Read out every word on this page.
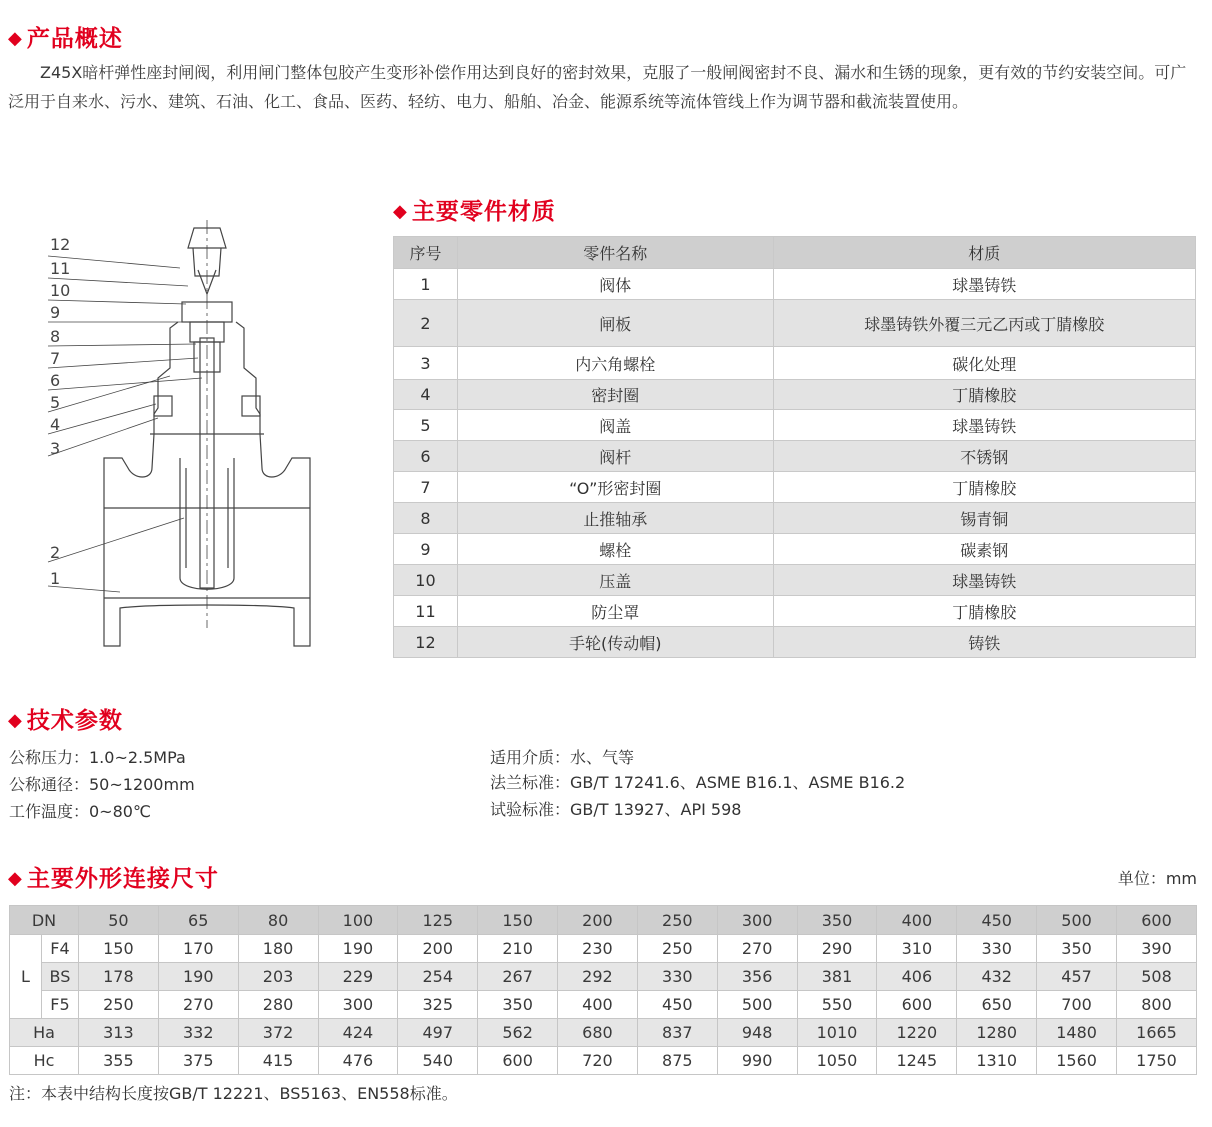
◆ 产品概述
Z45X暗杆弹性座封闸阀，利用闸门整体包胶产生变形补偿作用达到良好的密封效果，克服了一般闸阀密封不良、漏水和生锈的现象，更有效的节约安装空间。可广泛用于自来水、污水、建筑、石油、化工、食品、医药、轻纺、电力、船舶、冶金、能源系统等流体管线上作为调节器和截流装置使用。
12
11
10
9
8
7
6
5
4
3
2
1
◆ 主要零件材质
序号	零件名称	材质
1	阀体	球墨铸铁
2	闸板	球墨铸铁外覆三元乙丙或丁腈橡胶
3	内六角螺栓	碳化处理
4	密封圈	丁腈橡胶
5	阀盖	球墨铸铁
6	阀杆	不锈钢
7	“O”形密封圈	丁腈橡胶
8	止推轴承	锡青铜
9	螺栓	碳素钢
10	压盖	球墨铸铁
11	防尘罩	丁腈橡胶
12	手轮(传动帽)	铸铁
◆ 技术参数
公称压力：1.0~2.5MPa
公称通径：50~1200mm
工作温度：0~80℃
适用介质：水、气等
法兰标准：GB/T 17241.6、ASME B16.1、ASME B16.2
试验标准：GB/T 13927、API 598
◆ 主要外形连接尺寸	单位：mm
DN		50	65	80	100	125	150	200	250	300	350	400	450	500	600
L	F4	150	170	180	190	200	210	230	250	270	290	310	330	350	390
	BS	178	190	203	229	254	267	292	330	356	381	406	432	457	508
	F5	250	270	280	300	325	350	400	450	500	550	600	650	700	800
Ha		313	332	372	424	497	562	680	837	948	1010	1220	1280	1480	1665
Hc		355	375	415	476	540	600	720	875	990	1050	1245	1310	1560	1750
注：本表中结构长度按GB/T 12221、BS5163、EN558标准。
